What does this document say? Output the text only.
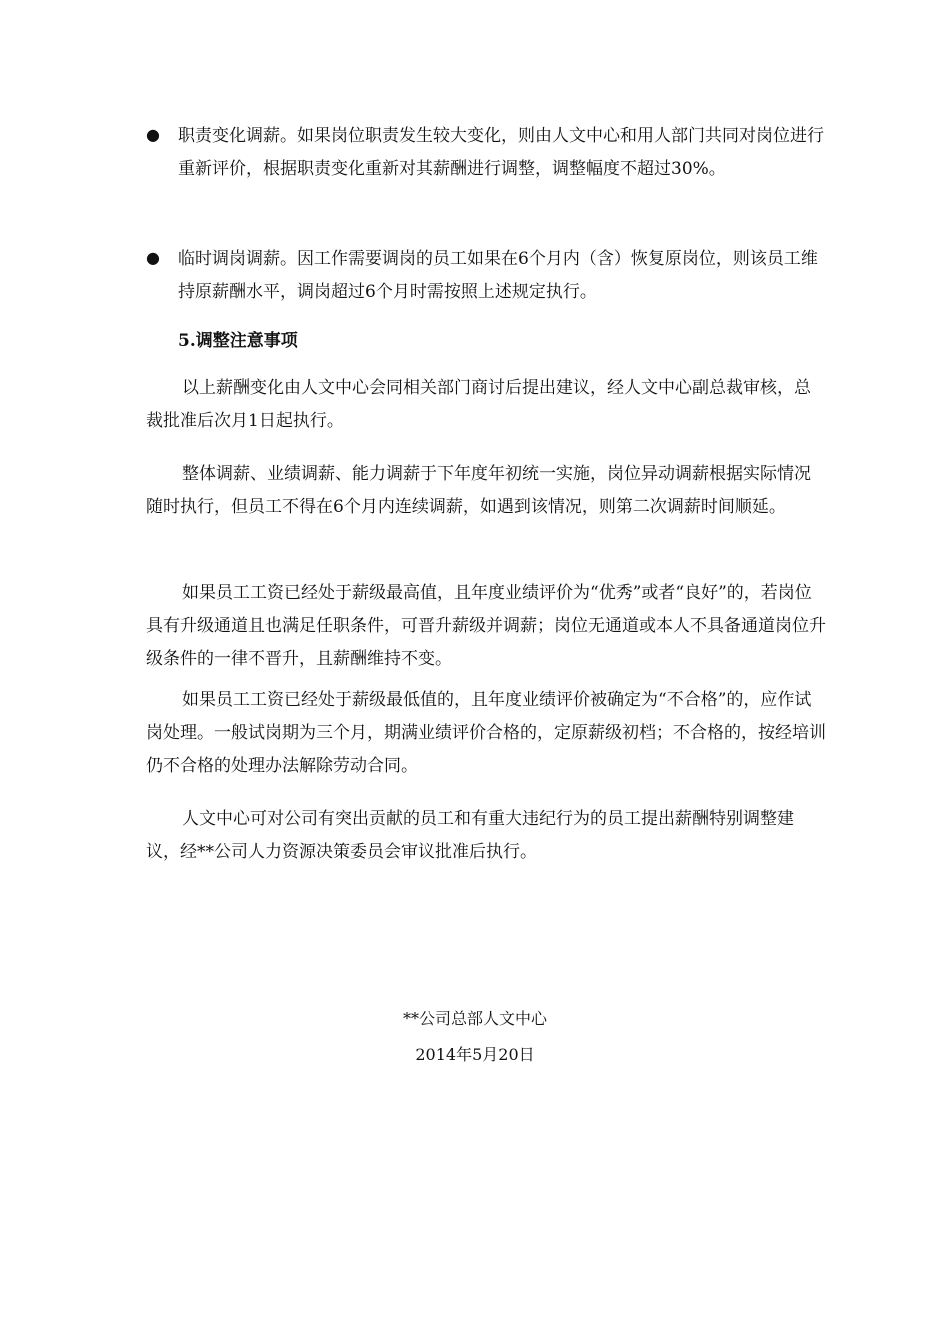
● 职责变化调薪。如果岗位职责发生较大变化，则由人文中心和用人部门共同对岗位进行重新评价，根据职责变化重新对其薪酬进行调整，调整幅度不超过30%。
● 临时调岗调薪。因工作需要调岗的员工如果在6个月内（含）恢复原岗位，则该员工维持原薪酬水平，调岗超过6个月时需按照上述规定执行。
5.调整注意事项
以上薪酬变化由人文中心会同相关部门商讨后提出建议，经人文中心副总裁审核，总裁批准后次月1日起执行。
整体调薪、业绩调薪、能力调薪于下年度年初统一实施，岗位异动调薪根据实际情况随时执行，但员工不得在6个月内连续调薪，如遇到该情况，则第二次调薪时间顺延。
如果员工工资已经处于薪级最高值，且年度业绩评价为“优秀”或者“良好”的，若岗位具有升级通道且也满足任职条件，可晋升薪级并调薪；岗位无通道或本人不具备通道岗位升级条件的一律不晋升，且薪酬维持不变。
如果员工工资已经处于薪级最低值的，且年度业绩评价被确定为“不合格”的，应作试岗处理。一般试岗期为三个月，期满业绩评价合格的，定原薪级初档；不合格的，按经培训仍不合格的处理办法解除劳动合同。
人文中心可对公司有突出贡献的员工和有重大违纪行为的员工提出薪酬特别调整建议，经**公司人力资源决策委员会审议批准后执行。
**公司总部人文中心
2014年5月20日
